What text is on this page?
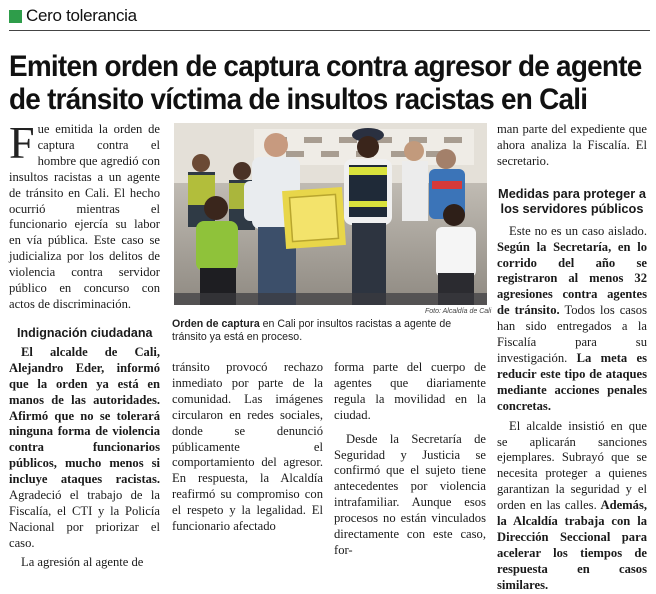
Cero tolerancia
Emiten orden de captura contra agresor de agente
de tránsito víctima de insultos racistas en Cali

Fue emitida la orden de captura contra el hombre que agredió con insultos racistas a un agente de tránsito en Cali. El hecho ocurrió mientras el funcionario ejercía su labor en vía pública. Este caso se judicializa por los delitos de violencia contra servidor público en concurso con actos de discriminación.

Indignación ciudadana

El alcalde de Cali, Alejandro Eder, informó que la orden ya está en manos de las autoridades. Afirmó que no se tolerará ninguna forma de violencia contra funcionarios públicos, mucho menos si incluye ataques racistas. Agradeció el trabajo de la Fiscalía, el CTI y la Policía Nacional por priorizar el caso.

La agresión al agente de

Foto: Alcaldía de Cali
Orden de captura en Cali por insultos racistas a agente de tránsito ya está en proceso.

tránsito provocó rechazo inmediato por parte de la comunidad. Las imágenes circularon en redes sociales, donde se denunció públicamente el comportamiento del agresor. En respuesta, la Alcaldía reafirmó su compromiso con el respeto y la legalidad. El funcionario afectado

forma parte del cuerpo de agentes que diariamente regula la movilidad en la ciudad.

Desde la Secretaría de Seguridad y Justicia se confirmó que el sujeto tiene antecedentes por violencia intrafamiliar. Aunque esos procesos no están vinculados directamente con este caso, for-

man parte del expediente que ahora analiza la Fiscalía. El secretario.

Medidas para proteger a los servidores públicos

Este no es un caso aislado. Según la Secretaría, en lo corrido del año se registraron al menos 32 agresiones contra agentes de tránsito. Todos los casos han sido entregados a la Fiscalía para su investigación. La meta es reducir este tipo de ataques mediante acciones penales concretas.

El alcalde insistió en que se aplicarán sanciones ejemplares. Subrayó que se necesita proteger a quienes garantizan la seguridad y el orden en las calles. Además, la Alcaldía trabaja con la Dirección Seccional para acelerar los tiempos de respuesta en casos similares.
